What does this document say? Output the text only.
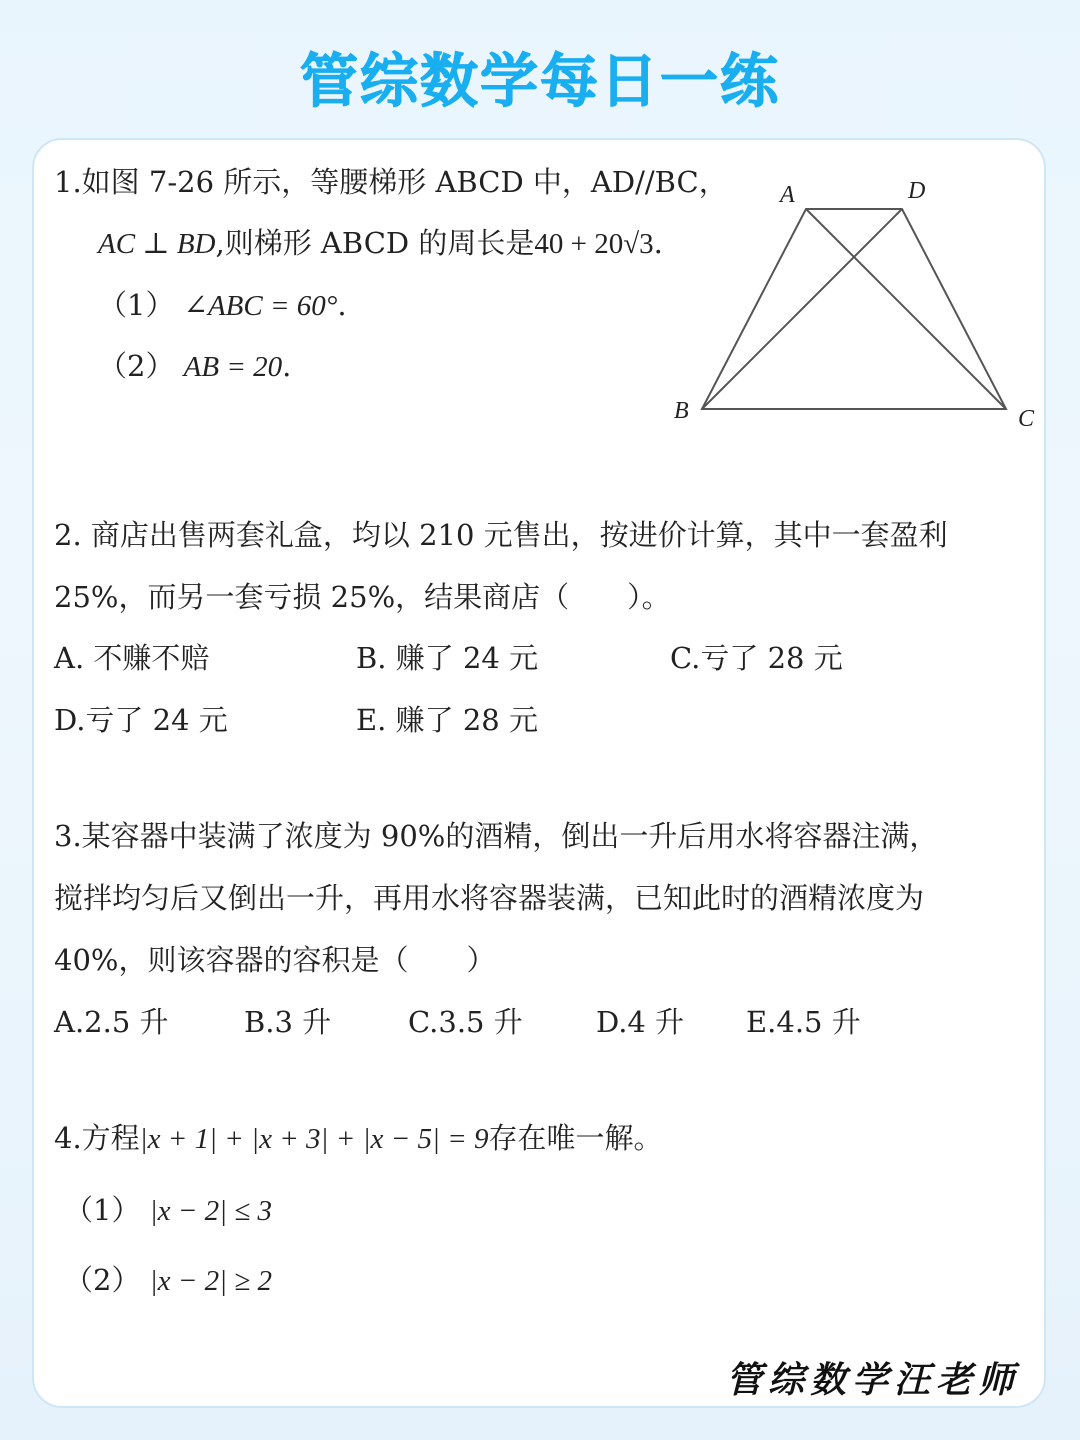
管综数学每日一练
1.如图 7-26 所示，等腰梯形 ABCD 中，AD//BC，
AC ⊥ BD,则梯形 ABCD 的周长是40 + 20√3.
（1） ∠ABC = 60°.
（2） AB = 20.
A	D
B	C
2. 商店出售两套礼盒，均以 210 元售出，按进价计算，其中一套盈利
25%，而另一套亏损 25%，结果商店（　　）。
A. 不赚不赔	B. 赚了 24 元	C.亏了 28 元
D.亏了 24 元	E. 赚了 28 元
3.某容器中装满了浓度为 90%的酒精，倒出一升后用水将容器注满，
搅拌均匀后又倒出一升，再用水将容器装满，已知此时的酒精浓度为
40%，则该容器的容积是（　　）
A.2.5 升	B.3 升	C.3.5 升	D.4 升 E.4.5 升
4.方程|x + 1| + |x + 3| + |x − 5| = 9存在唯一解。
（1） |x − 2| ≤ 3
（2） |x − 2| ≥ 2
管综数学汪老师
